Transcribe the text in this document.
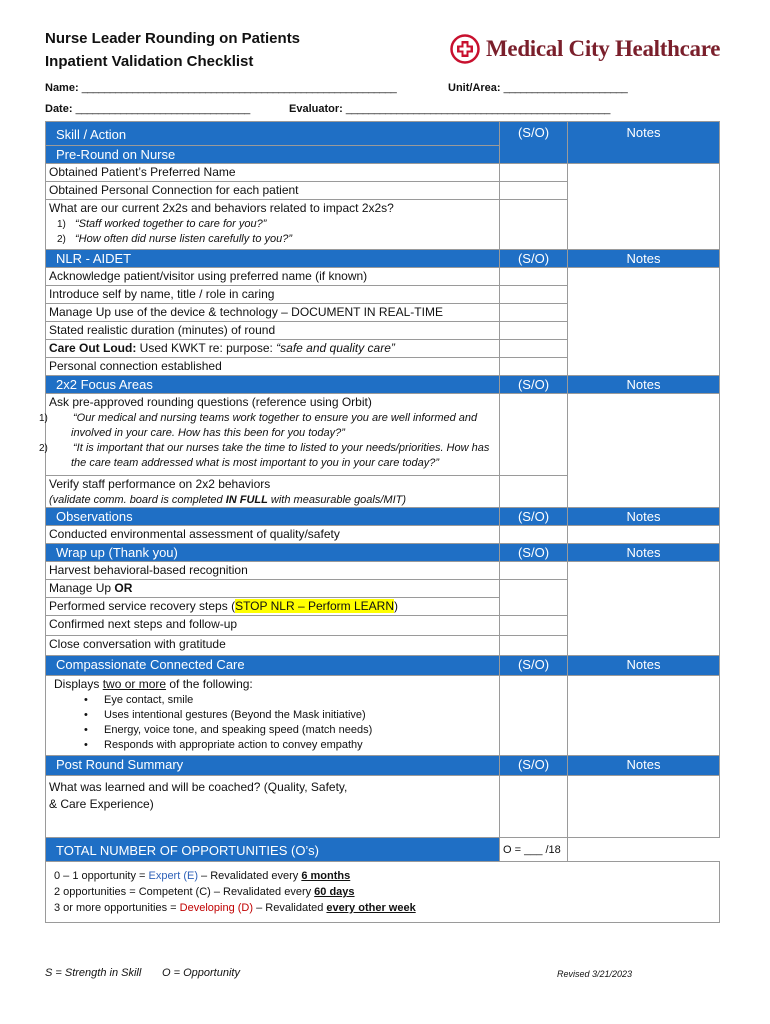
Nurse Leader Rounding on Patients
Inpatient Validation Checklist
Medical City Healthcare
Name: ________________________________________________________	Unit/Area: ______________________
Date: _______________________________	Evaluator: _______________________________________________
Skill / Action	(S/O)	Notes
Pre-Round on Nurse		
Obtained Patient’s Preferred Name		
Obtained Personal Connection for each patient		

What are our current 2x2s and behaviors related to impact 2x2s?
1) “Staff worked together to care for you?”
2) “How often did nurse listen carefully to you?”		

NLR - AIDET	(S/O)	Notes
Acknowledge patient/visitor using preferred name (if known)		
Introduce self by name, title / role in caring		
Manage Up use of the device & technology – DOCUMENT IN REAL-TIME		
Stated realistic duration (minutes) of round		
Care Out Loud: Used KWKT re: purpose: “safe and quality care”		
Personal connection established		
2x2 Focus Areas	(S/O)	Notes

Ask pre-approved rounding questions (reference using Orbit)
1) “Our medical and nursing teams work together to ensure you are well informed and involved in your care. How has this been for you today?”
2) “It is important that our nurses take the time to listed to your needs/priorities. How has the care team addressed what is most important to you in your care today?”		

Verify staff performance on 2x2 behaviors
(validate comm. board is completed IN FULL with measurable goals/MIT)		

Observations	(S/O)	Notes
Conducted environmental assessment of quality/safety		
Wrap up (Thank you)	(S/O)	Notes
Harvest behavioral-based recognition		
Manage Up OR		
Performed service recovery steps (STOP NLR – Perform LEARN)		
Confirmed next steps and follow-up		
Close conversation with gratitude		
Compassionate Connected Care	(S/O)	Notes

Displays two or more of the following:
• Eye contact, smile
• Uses intentional gestures (Beyond the Mask initiative)
• Energy, voice tone, and speaking speed (match needs)
• Responds with appropriate action to convey empathy

Post Round Summary	(S/O)	Notes
What was learned and will be coached? (Quality, Safety, & Care Experience)		
TOTAL NUMBER OF OPPORTUNITIES (O’s)	O = ___ /18	

0 – 1 opportunity = Expert (E) – Revalidated every 6 months
2 opportunities = Competent (C) – Revalidated every 60 days
3 or more opportunities = Developing (D) – Revalidated every other week		
S = Strength in Skill O = Opportunity	Revised 3/21/2023
